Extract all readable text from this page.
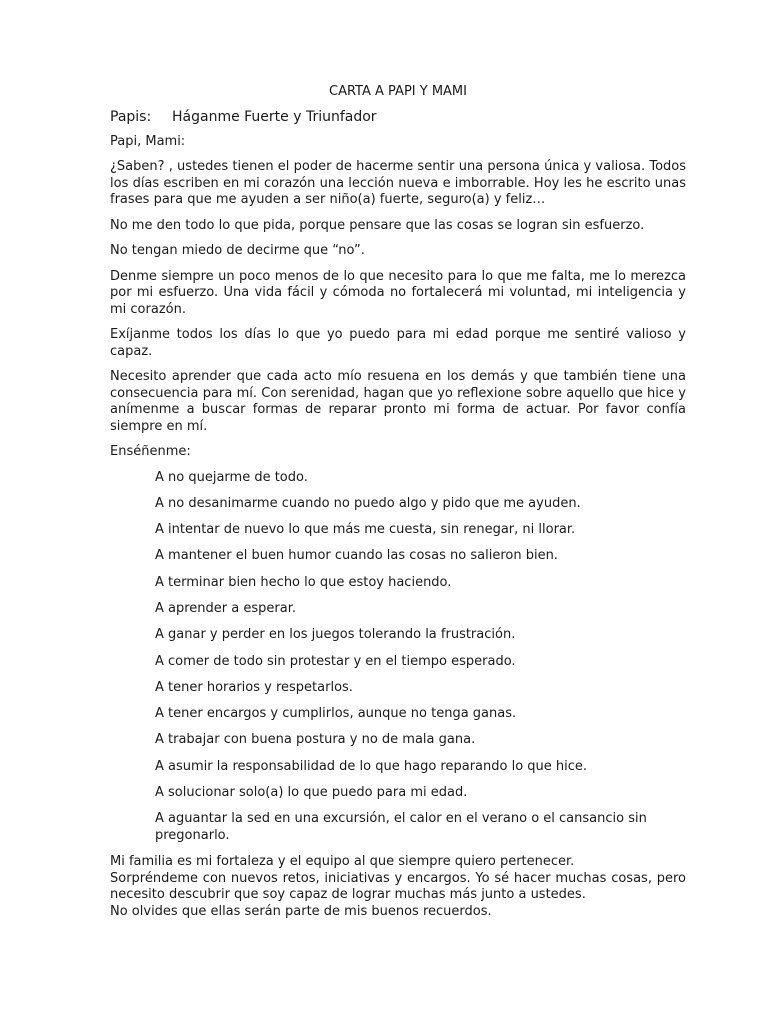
CARTA A PAPI Y MAMI
Papis: Háganme Fuerte y Triunfador

Papi, Mami:

¿Saben? , ustedes tienen el poder de hacerme sentir una persona única y valiosa. Todos los días escriben en mi corazón una lección nueva e imborrable. Hoy les he escrito unas frases para que me ayuden a ser niño(a) fuerte, seguro(a) y feliz…

No me den todo lo que pida, porque pensare que las cosas se logran sin esfuerzo.

No tengan miedo de decirme que “no”.

Denme siempre un poco menos de lo que necesito para lo que me falta, me lo merezca por mi esfuerzo. Una vida fácil y cómoda no fortalecerá mi voluntad, mi inteligencia y mi corazón.

Exíjanme todos los días lo que yo puedo para mi edad porque me sentiré valioso y capaz.

Necesito aprender que cada acto mío resuena en los demás y que también tiene una consecuencia para mí. Con serenidad, hagan que yo reflexione sobre aquello que hice y anímenme a buscar formas de reparar pronto mi forma de actuar. Por favor confía siempre en mí.

Enséñenme:

A no quejarme de todo.
A no desanimarme cuando no puedo algo y pido que me ayuden.
A intentar de nuevo lo que más me cuesta, sin renegar, ni llorar.
A mantener el buen humor cuando las cosas no salieron bien.
A terminar bien hecho lo que estoy haciendo.
A aprender a esperar.
A ganar y perder en los juegos tolerando la frustración.
A comer de todo sin protestar y en el tiempo esperado.
A tener horarios y respetarlos.
A tener encargos y cumplirlos, aunque no tenga ganas.
A trabajar con buena postura y no de mala gana.
A asumir la responsabilidad de lo que hago reparando lo que hice.
A solucionar solo(a) lo que puedo para mi edad.
A aguantar la sed en una excursión, el calor en el verano o el cansancio sin pregonarlo.

Mi familia es mi fortaleza y el equipo al que siempre quiero pertenecer.

Sorpréndeme con nuevos retos, iniciativas y encargos. Yo sé hacer muchas cosas, pero necesito descubrir que soy capaz de lograr muchas más junto a ustedes.

No olvides que ellas serán parte de mis buenos recuerdos.
